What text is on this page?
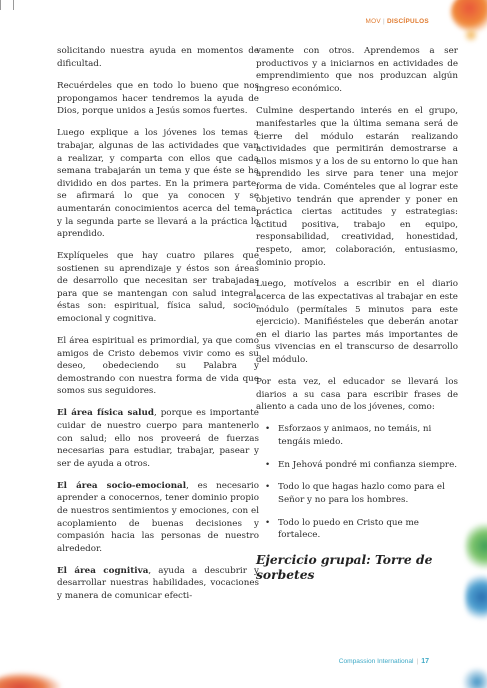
MOV | DISCÍPULOS

solicitando nuestra ayuda en momentos de dificultad.

Recuérdeles que en todo lo bueno que nos propongamos hacer tendremos la ayuda de Dios, porque unidos a Jesús somos fuertes.

Luego explique a los jóvenes los temas a trabajar, algunas de las actividades que van a realizar, y comparta con ellos que cada semana trabajarán un tema y que éste se ha dividido en dos partes. En la primera parte, se afirmará lo que ya conocen y se aumentarán conocimientos acerca del tema, y la segunda parte se llevará a la práctica lo aprendido.

Explíqueles que hay cuatro pilares que sostienen su aprendizaje y éstos son áreas de desarrollo que necesitan ser trabajadas para que se mantengan con salud integral, éstas son: espiritual, física salud, socio-emocional y cognitiva.

El área espiritual es primordial, ya que como amigos de Cristo debemos vivir como es su deseo, obedeciendo su Palabra y demostrando con nuestra forma de vida que somos sus seguidores.

El área física salud, porque es importante cuidar de nuestro cuerpo para mantenerlo con salud; ello nos proveerá de fuerzas necesarias para estudiar, trabajar, pasear y ser de ayuda a otros.

El área socio-emocional, es necesario aprender a conocernos, tener dominio propio de nuestros sentimientos y emociones, con el acoplamiento de buenas decisiones y compasión hacia las personas de nuestro alrededor.

El área cognitiva, ayuda a descubrir y desarrollar nuestras habilidades, vocaciones y manera de comunicar efecti-

vamente con otros. Aprendemos a ser productivos y a iniciarnos en actividades de emprendimiento que nos produzcan algún ingreso económico.

Culmine despertando interés en el grupo, manifestarles que la última semana será de cierre del módulo estarán realizando actividades que permitirán demostrarse a ellos mismos y a los de su entorno lo que han aprendido les sirve para tener una mejor forma de vida. Coménteles que al lograr este objetivo tendrán que aprender y poner en práctica ciertas actitudes y estrategias: actitud positiva, trabajo en equipo, responsabilidad, creatividad, honestidad, respeto, amor, colaboración, entusiasmo, dominio propio.

Luego, motívelos a escribir en el diario acerca de las expectativas al trabajar en este módulo (permítales 5 minutos para este ejercicio). Manifiésteles que deberán anotar en el diario las partes más importantes de sus vivencias en el transcurso de desarrollo del módulo.

Por esta vez, el educador se llevará los diarios a su casa para escribir frases de aliento a cada uno de los jóvenes, como:

• Esforzaos y animaos, no temáis, ni tengáis miedo.
• En Jehová pondré mi confianza siempre.
• Todo lo que hagas hazlo como para el Señor y no para los hombres.
• Todo lo puedo en Cristo que me fortalece.
Ejercicio grupal: Torre de sorbetes
Compassion International | 17
